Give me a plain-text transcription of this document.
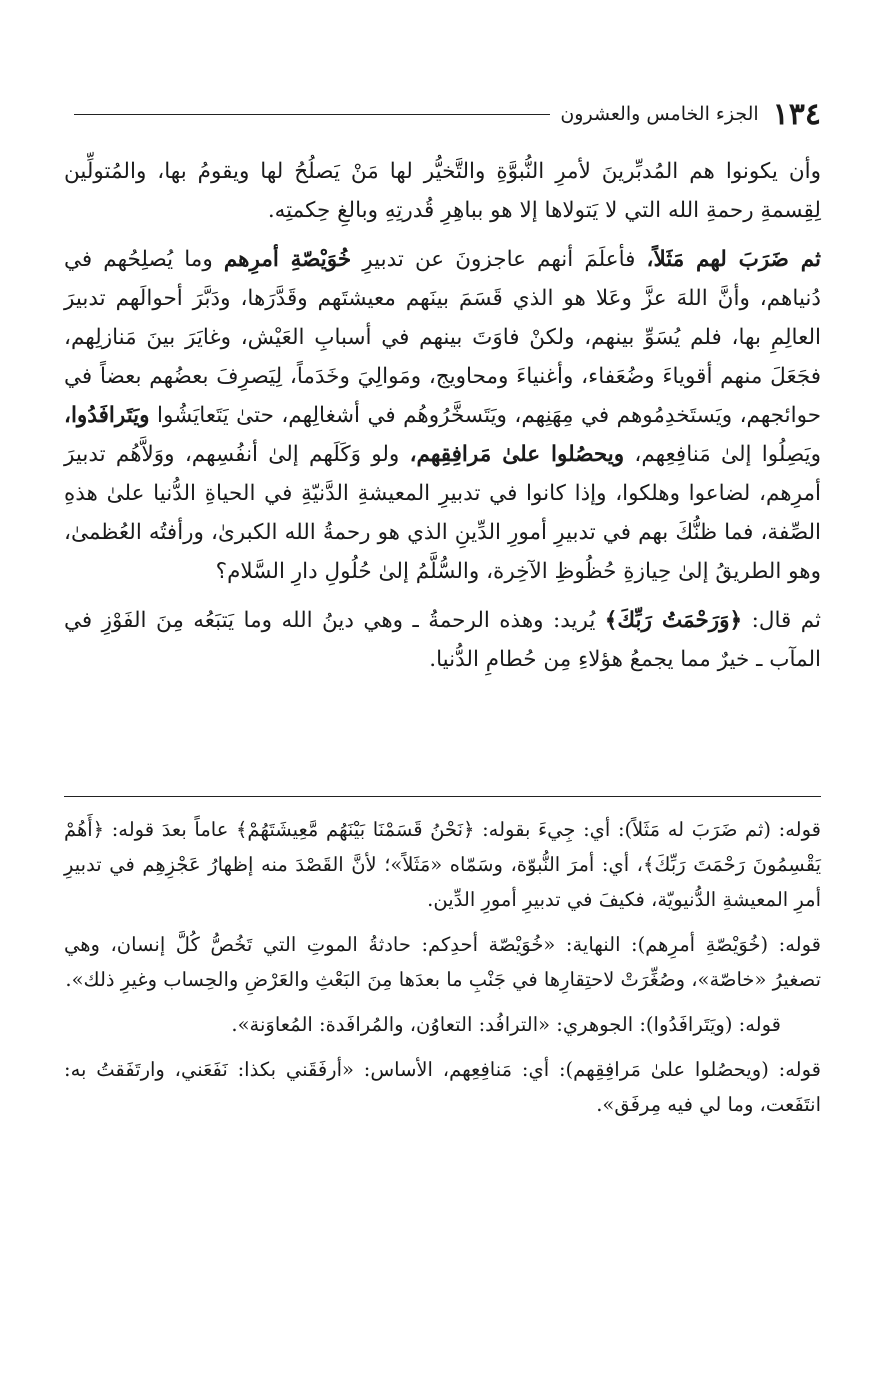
١٣٤
الجزء الخامس والعشرون

وأن يكونوا هم المُدبِّرينَ لأمرِ النُّبوَّةِ والتَّخيُّر لها مَنْ يَصلُحُ لها ويقومُ بها، والمُتولِّين لِقِسمةِ رحمةِ الله التي لا يَتولاها إلا هو بباهِرِ قُدرتِهِ وبالغِ حِكمتِه.

ثم ضَرَبَ لهم مَثَلاً، فأعلَمَ أنهم عاجزونَ عن تدبيرِ خُوَيْصّةِ أمرِهم وما يُصلِحُهم في دُنياهم، وأنَّ اللهَ عزَّ وعَلا هو الذي قَسَمَ بينَهم معيشتَهم وقَدَّرَها، ودَبَّرَ أحوالَهم تدبيرَ العالِمِ بها، فلم يُسَوِّ بينهم، ولكنْ فاوَتَ بينهم في أسبابِ العَيْش، وغايَرَ بينَ مَنازلِهم، فجَعَلَ منهم أقوياءَ وضُعَفاء، وأغنياءَ ومحاويج، ومَوالِيَ وخَدَماً، لِيَصرِفَ بعضُهم بعضاً في حوائجهم، ويَستَخدِمُوهم في مِهَنِهم، ويَتَسخَّرُوهُم في أشغالِهم، حتىٰ يَتَعايَشُوا ويَتَرافَدُوا، ويَصِلُوا إلىٰ مَنافِعِهم، ويحصُلوا علىٰ مَرافِقِهم، ولو وَكَلَهم إلىٰ أنفُسِهم، ووَلاَّهُم تدبيرَ أمرِهم، لضاعوا وهلكوا، وإذا كانوا في تدبيرِ المعيشةِ الدَّنيّةِ في الحياةِ الدُّنيا علىٰ هذهِ الصِّفة، فما ظنُّكَ بهم في تدبيرِ أمورِ الدِّينِ الذي هو رحمةُ الله الكبرىٰ، ورأفتُه العُظمىٰ، وهو الطريقُ إلىٰ حِيازةِ حُظُوظِ الآخِرة، والسُّلَّمُ إلىٰ حُلُولِ دارِ السَّلام؟

ثم قال: ﴿وَرَحْمَتُ رَبِّكَ﴾ يُريد: وهذه الرحمةُ ـ وهي دينُ الله وما يَتبَعُه مِنَ الفَوْزِ في المآب ـ خيرٌ مما يجمعُ هؤلاءِ مِن حُطامِ الدُّنيا.

قوله: (ثم ضَرَبَ له مَثَلاً): أي: جِيءَ بقوله: ﴿نَحْنُ قَسَمْنَا بَيْنَهُم مَّعِيشَتَهُمْ﴾ عاماً بعدَ قوله: ﴿أَهُمْ يَقْسِمُونَ رَحْمَتَ رَبِّكَ﴾، أي: أمرَ النُّبوّة، وسَمّاه «مَثَلاً»؛ لأنَّ القَصْدَ منه إظهارُ عَجْزِهِم في تدبيرِ أمرِ المعيشةِ الدُّنيويّة، فكيفَ في تدبيرِ أمورِ الدِّين.

قوله: (خُوَيْصّةِ أمرِهم): النهاية: «خُوَيْصّة أحدِكم: حادثةُ الموتِ التي تَخُصُّ كُلَّ إنسان، وهي تصغيرُ «خاصّة»، وصُغِّرَتْ لاحتِقارِها في جَنْبِ ما بعدَها مِنَ البَعْثِ والعَرْضِ والحِساب وغيرِ ذلك».

قوله: (ويَتَرافَدُوا): الجوهري: «الترافُد: التعاوُن، والمُرافَدة: المُعاوَنة».

قوله: (ويحصُلوا علىٰ مَرافِقِهم): أي: مَنافِعِهم، الأساس: «أرفَقَني بكذا: نَفَعَني، وارتَفَقتُ به: انتَفَعت، وما لي فيه مِرفَق».
